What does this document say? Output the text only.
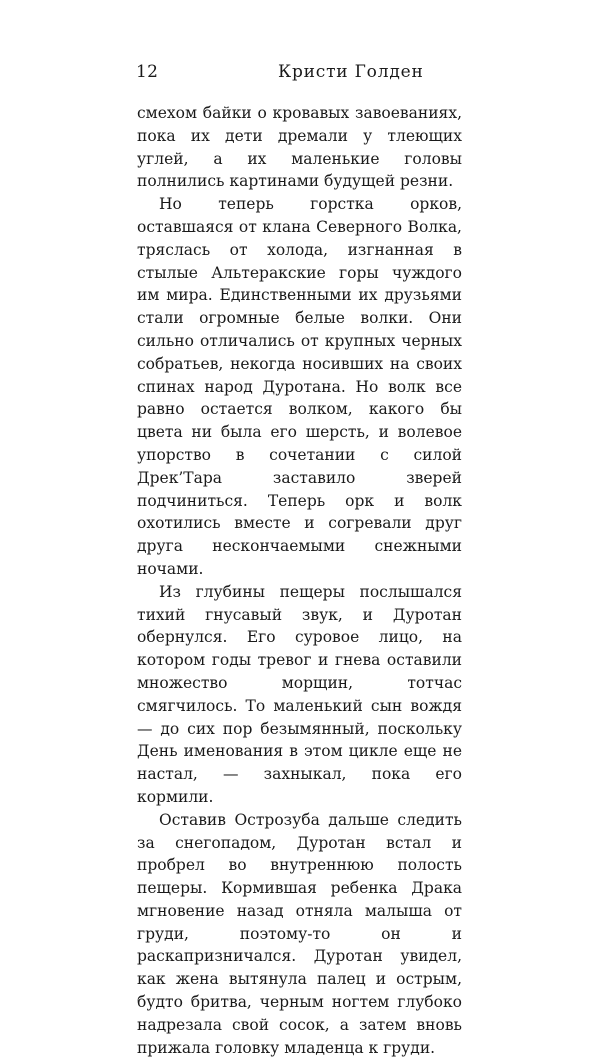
12	Кристи Голден

смехом байки о кровавых завоеваниях, пока их дети дремали у тлеющих углей, а их маленькие головы полнились картинами будущей резни.

Но теперь горстка орков, оставшаяся от клана Северного Волка, тряслась от холода, изгнанная в стылые Альтеракские горы чуждого им мира. Единственными их друзьями стали огромные белые волки. Они сильно отличались от крупных черных собратьев, некогда носивших на своих спинах народ Дуротана. Но волк все равно остается волком, какого бы цвета ни была его шерсть, и волевое упорство в сочетании с силой Дрек’Тара заставило зверей подчиниться. Теперь орк и волк охотились вместе и согревали друг друга нескончаемыми снежными ночами.

Из глубины пещеры послышался тихий гнусавый звук, и Дуротан обернулся. Его суровое лицо, на котором годы тревог и гнева оставили множество морщин, тотчас смягчилось. То маленький сын вождя — до сих пор безымянный, поскольку День именования в этом цикле еще не настал, — захныкал, пока его кормили.

Оставив Острозуба дальше следить за снегопадом, Дуротан встал и пробрел во внутреннюю полость пещеры. Кормившая ребенка Драка мгновение назад отняла малыша от груди, поэтому-то он и раскапризничался. Дуротан увидел, как жена вытянула палец и острым, будто бритва, черным ногтем глубоко надрезала свой сосок, а затем вновь прижала головку младенца к груди.
